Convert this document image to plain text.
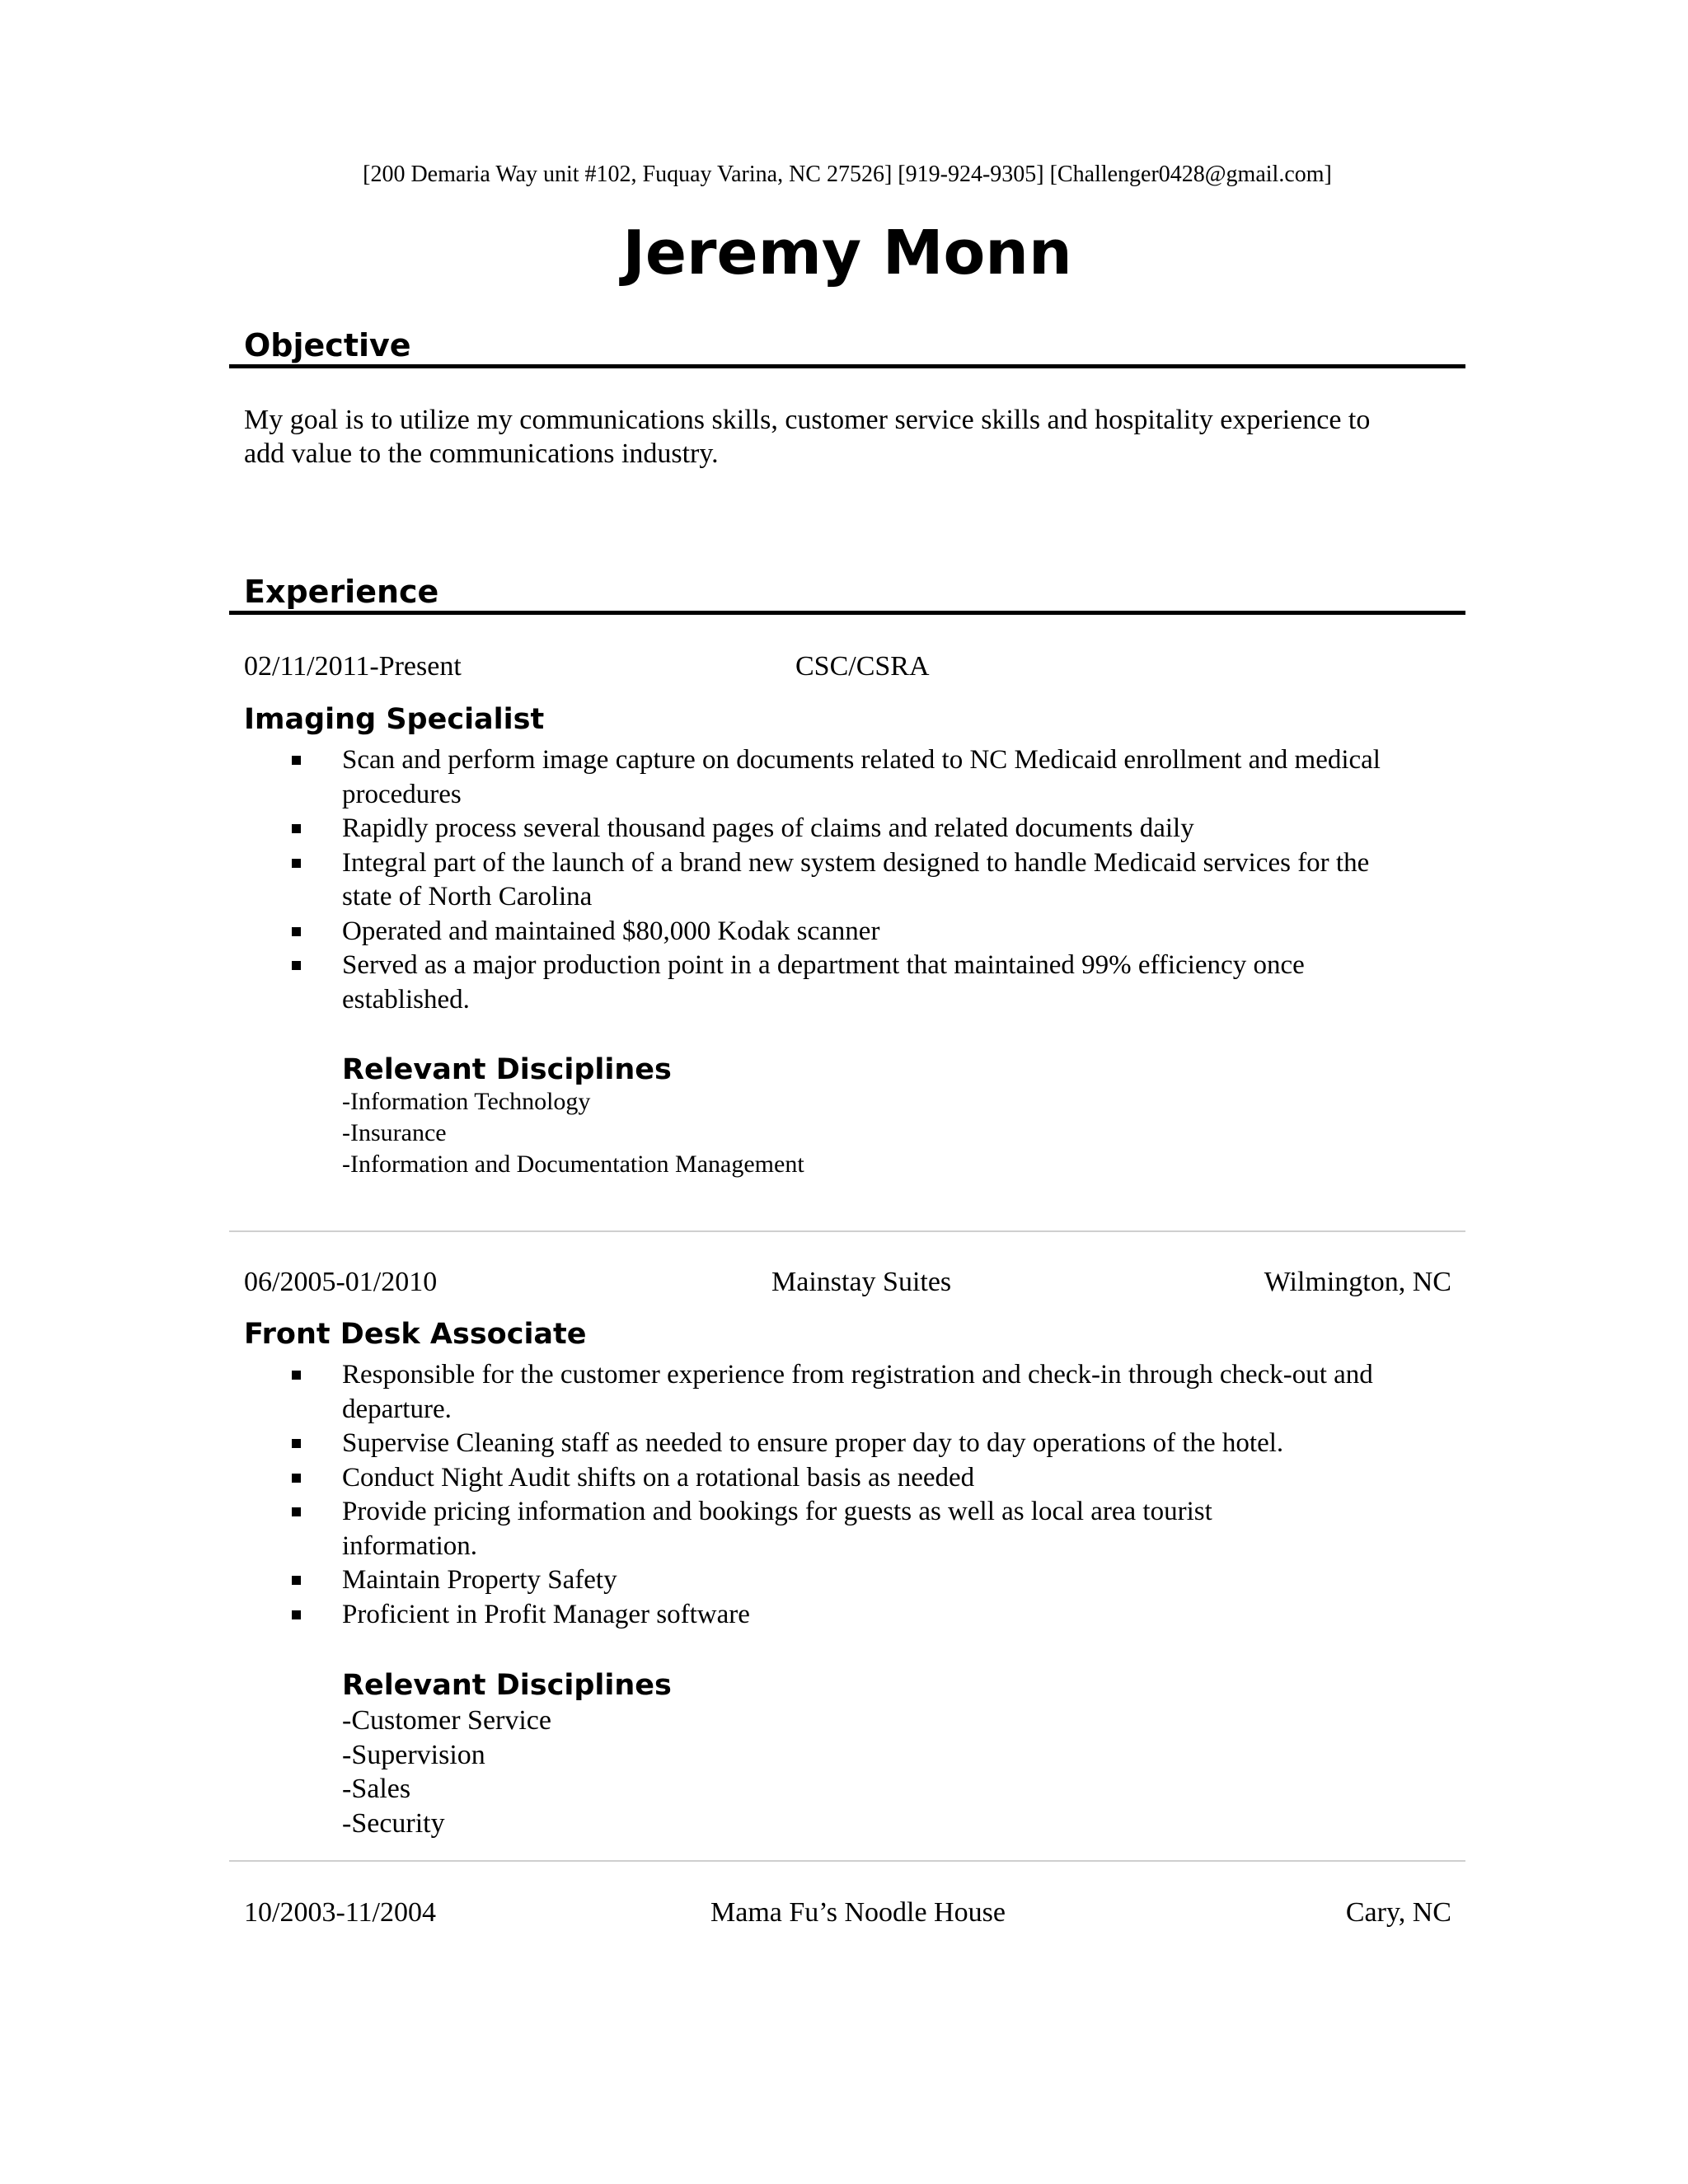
[200 Demaria Way unit #102, Fuquay Varina, NC 27526] [919-924-9305] [Challenger0428@gmail.com]
Jeremy Monn
Objective
My goal is to utilize my communications skills, customer service skills and hospitality experience to
add value to the communications industry.
Experience
02/11/2011-Present	CSC/CSRA
Imaging Specialist
Scan and perform image capture on documents related to NC Medicaid enrollment and medical
procedures
Rapidly process several thousand pages of claims and related documents daily
Integral part of the launch of a brand new system designed to handle Medicaid services for the
state of North Carolina
Operated and maintained $80,000 Kodak scanner
Served as a major production point in a department that maintained 99% efficiency once
established.
Relevant Disciplines
-Information Technology
-Insurance
-Information and Documentation Management
06/2005-01/2010	Mainstay Suites	Wilmington, NC
Front Desk Associate
Responsible for the customer experience from registration and check-in through check-out and
departure.
Supervise Cleaning staff as needed to ensure proper day to day operations of the hotel.
Conduct Night Audit shifts on a rotational basis as needed
Provide pricing information and bookings for guests as well as local area tourist
information.
Maintain Property Safety
Proficient in Profit Manager software
Relevant Disciplines
-Customer Service
-Supervision
-Sales
-Security
10/2003-11/2004	Mama Fu’s Noodle House	Cary, NC
